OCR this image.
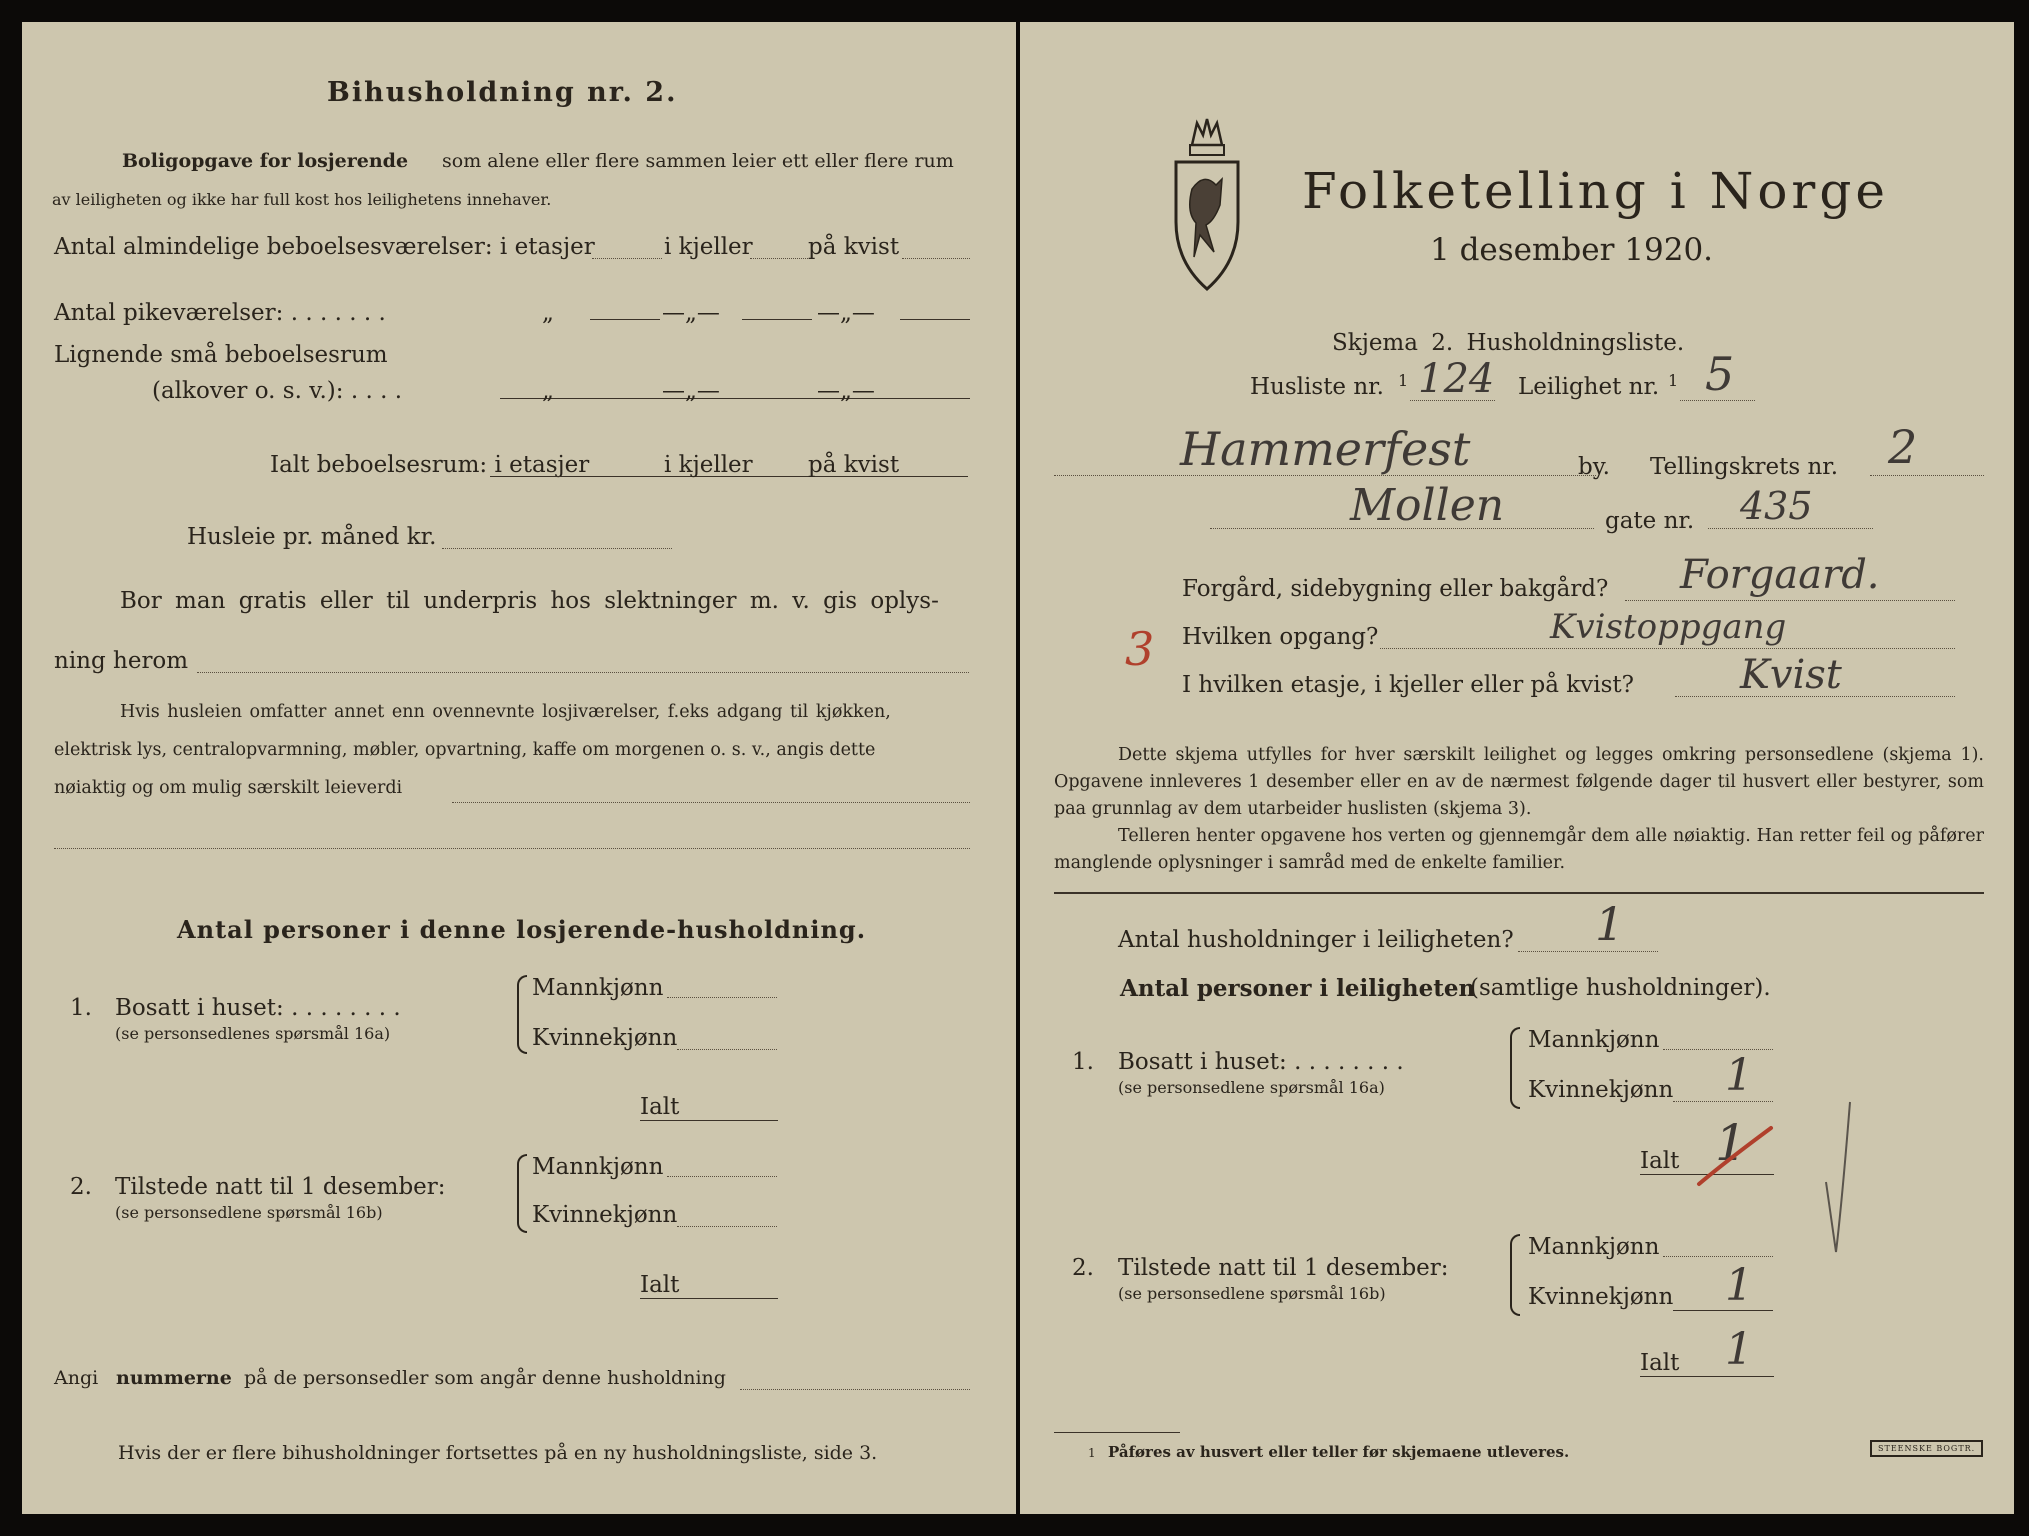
Bihusholdning nr. 2.
Boligopgave for losjerende som alene eller flere sammen leier ett eller flere rum
av leiligheten og ikke har full kost hos leilighetens innehaver.
Antal almindelige beboelsesværelser: i etasjer	i kjeller på kvist
Antal pikeværelser: . . . . . . .	„	—„—	—„—
Lignende små beboelsesrum
(alkover o. s. v.): . . . .	„	—„—	—„—
Ialt beboelsesrum: i etasjer	i kjeller på kvist
Husleie pr. måned kr.
Bor man gratis eller til underpris hos slektninger m. v. gis oplys-
ning herom
Hvis husleien omfatter annet enn ovennevnte losjiværelser, f.eks adgang til kjøkken,
elektrisk lys, centralopvarmning, møbler, opvartning, kaffe om morgenen o. s. v., angis dette
nøiaktig og om mulig særskilt leieverdi
Antal personer i denne losjerende-husholdning.
1. Bosatt i huset: . . . . . . . .
(se personsedlenes spørsmål 16a)
Mannkjønn
Kvinnekjønn
Ialt
2. Tilstede natt til 1 desember:
(se personsedlene spørsmål 16b)
Mannkjønn
Kvinnekjønn
Ialt
Angi nummerne på de personsedler som angår denne husholdning
Hvis der er flere bihusholdninger fortsettes på en ny husholdningsliste, side 3.
Folketelling i Norge
1 desember 1920.
Skjema 2. Husholdningsliste.
Husliste nr. 1 124 Leilighet nr. 1 5
Hammerfest	by. Tellingskrets nr. 2
Mollen	gate nr. 435
Forgård, sidebygning eller bakgård? Forgaard.
3 Hvilken opgang?	Kvistoppgang
I hvilken etasje, i kjeller eller på kvist?	Kvist
Dette skjema utfylles for hver særskilt leilighet og legges omkring personsedlene (skjema 1). Opgavene innleveres 1 desember eller en av de nærmest følgende dager til husvert eller bestyrer, som paa grunnlag av dem utarbeider huslisten (skjema 3).
Telleren henter opgavene hos verten og gjennemgår dem alle nøiaktig. Han retter feil og påfører manglende oplysninger i samråd med de enkelte familier.
Antal husholdninger i leiligheten? 1
Antal personer i leiligheten
(samtlige husholdninger).
1. Bosatt i huset: . . . . . . . .
(se personsedlene spørsmål 16a)
Mannkjønn
Kvinnekjønn 1
Ialt 1
2. Tilstede natt til 1 desember:
(se personsedlene spørsmål 16b)
Mannkjønn
Kvinnekjønn 1
Ialt 1
1 Påføres av husvert eller teller før skjemaene utleveres.	STEENSKE BOGTR.
